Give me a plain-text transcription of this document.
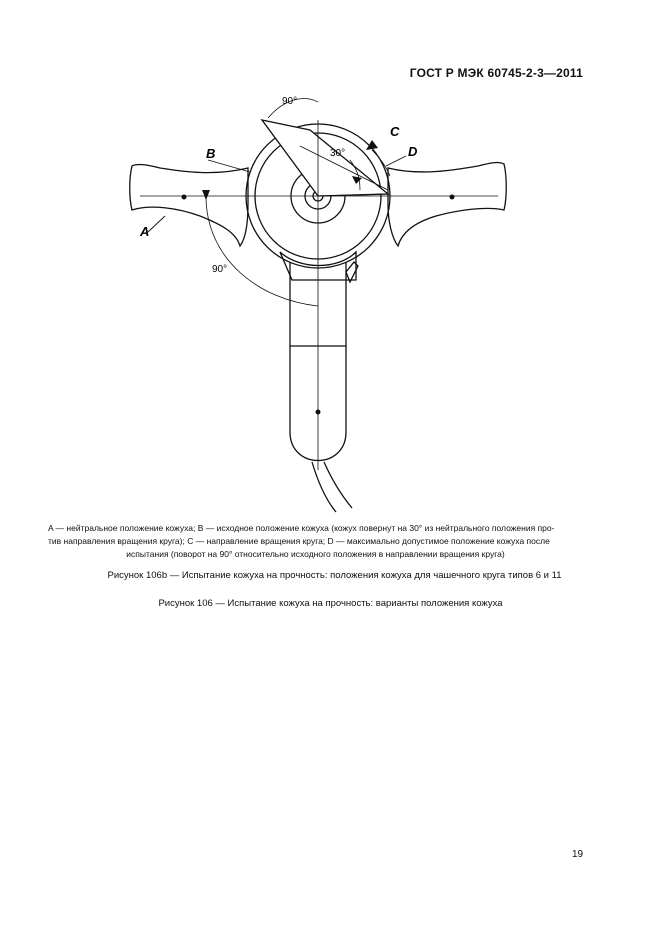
ГОСТ Р МЭК 60745-2-3—2011
A
B
C
D
90°
90°
30°
A — нейтральное положение кожуха; B — исходное положение кожуха (кожух повернут на 30° из нейтрального положения про-
тив направления вращения круга); C — направление вращения круга; D — максимально допустимое положение кожуха после
испытания (поворот на 90° относительно исходного положения в направлении вращения круга)
Рисунок 106b — Испытание кожуха на прочность: положения кожуха для чашечного круга типов 6 и 11
Рисунок 106 — Испытание кожуха на прочность: варианты положения кожуха
19
